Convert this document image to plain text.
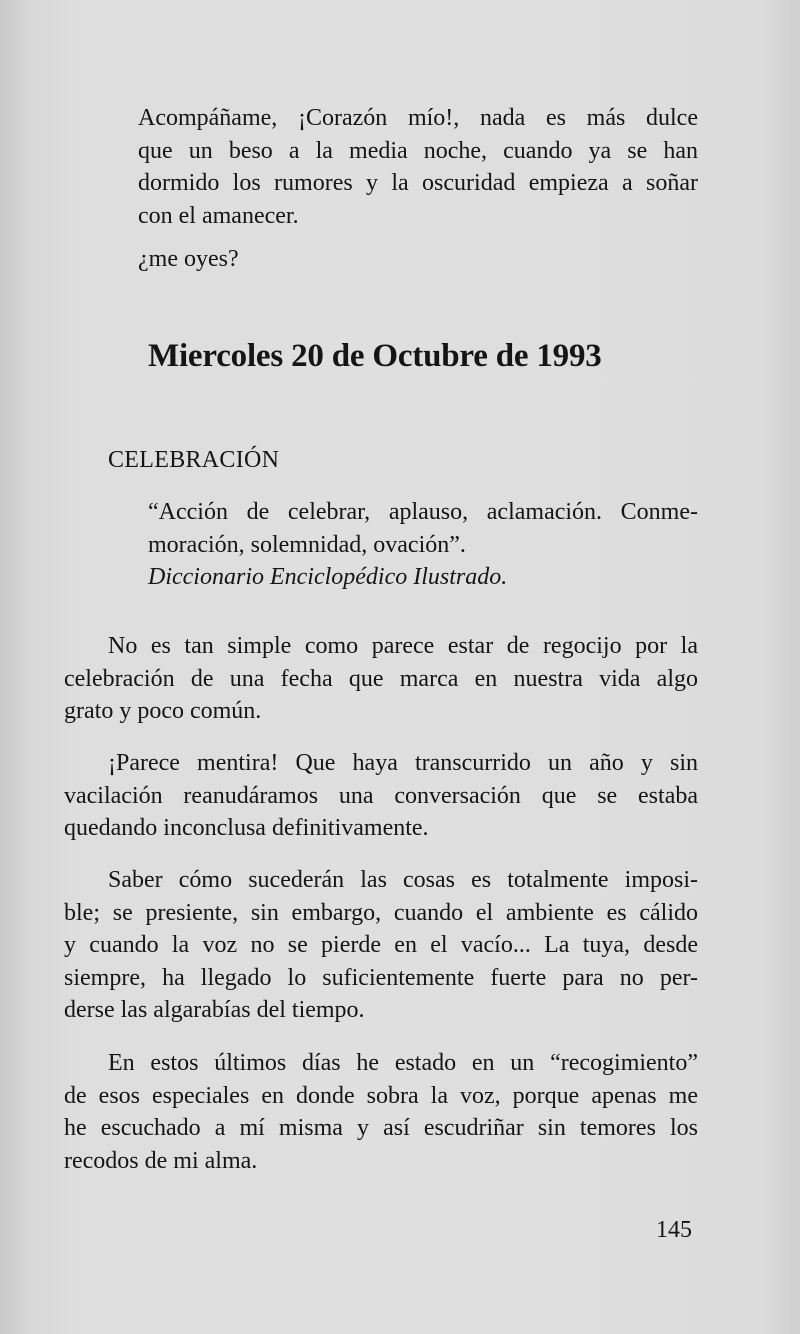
Acompáñame, ¡Corazón mío!, nada es más dulce
que un beso a la media noche, cuando ya se han
dormido los rumores y la oscuridad empieza a soñar
con el amanecer.
¿me oyes?
Miercoles 20 de Octubre de 1993
CELEBRACIÓN
“Acción de celebrar, aplauso, aclamación. Conme-
moración, solemnidad, ovación”.
Diccionario Enciclopédico Ilustrado.
No es tan simple como parece estar de regocijo por la
celebración de una fecha que marca en nuestra vida algo
grato y poco común.
¡Parece mentira! Que haya transcurrido un año y sin
vacilación reanudáramos una conversación que se estaba
quedando inconclusa definitivamente.
Saber cómo sucederán las cosas es totalmente imposi-
ble; se presiente, sin embargo, cuando el ambiente es cálido
y cuando la voz no se pierde en el vacío... La tuya, desde
siempre, ha llegado lo suficientemente fuerte para no per-
derse las algarabías del tiempo.
En estos últimos días he estado en un “recogimiento”
de esos especiales en donde sobra la voz, porque apenas me
he escuchado a mí misma y así escudriñar sin temores los
recodos de mi alma.
145
